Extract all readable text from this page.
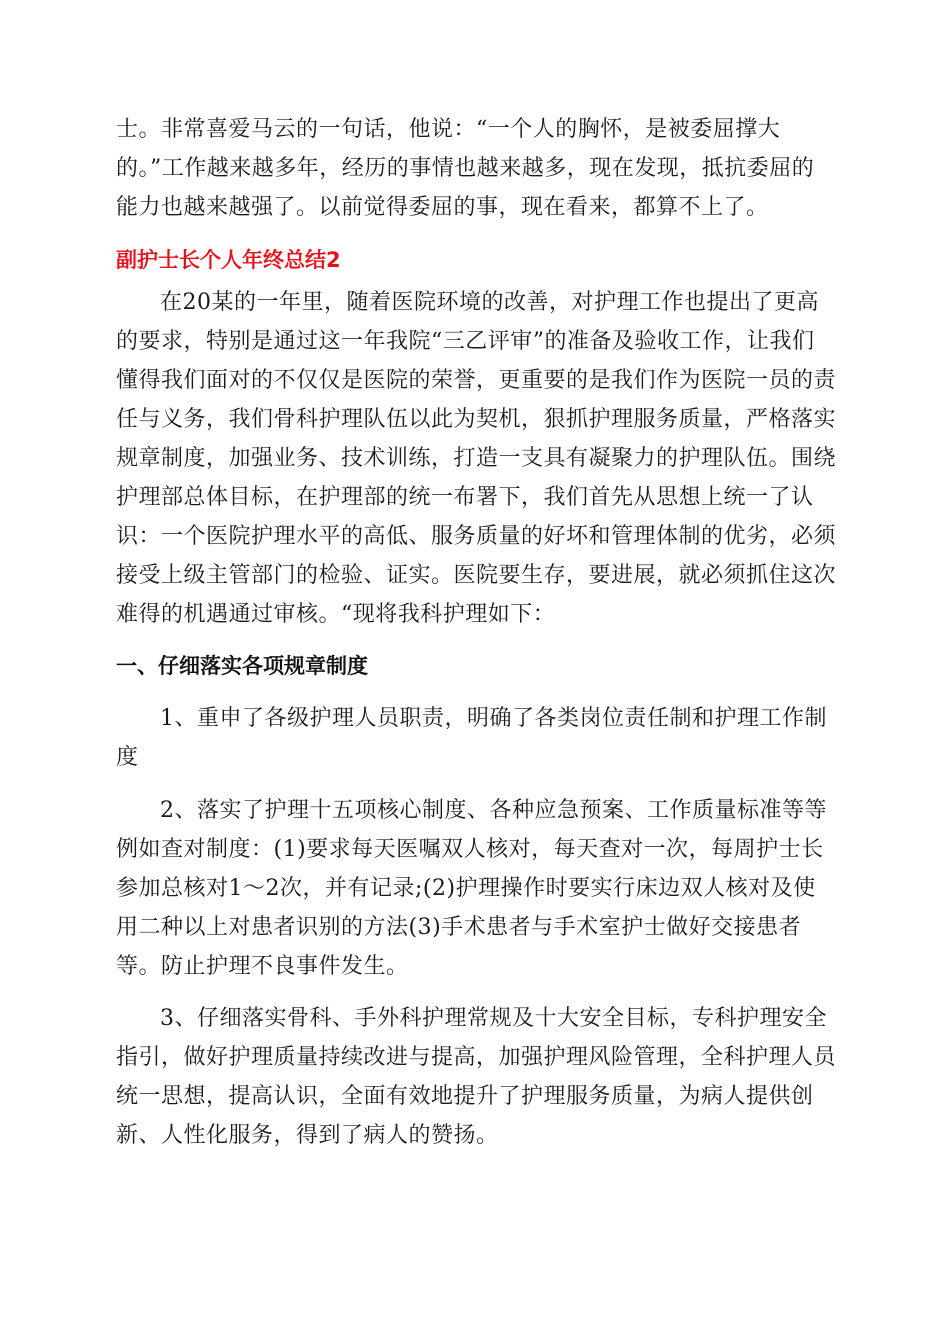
士。非常喜爱马云的一句话，他说：“一个人的胸怀，是被委屈撑大
的。”工作越来越多年，经历的事情也越来越多，现在发现，抵抗委屈的
能力也越来越强了。以前觉得委屈的事，现在看来，都算不上了。
副护士长个人年终总结2
在20某的一年里，随着医院环境的改善，对护理工作也提出了更高
的要求，特别是通过这一年我院“三乙评审”的准备及验收工作，让我们
懂得我们面对的不仅仅是医院的荣誉，更重要的是我们作为医院一员的责
任与义务，我们骨科护理队伍以此为契机，狠抓护理服务质量，严格落实
规章制度，加强业务、技术训练，打造一支具有凝聚力的护理队伍。围绕
护理部总体目标，在护理部的统一布署下，我们首先从思想上统一了认
识：一个医院护理水平的高低、服务质量的好坏和管理体制的优劣，必须
接受上级主管部门的检验、证实。医院要生存，要进展，就必须抓住这次
难得的机遇通过审核。“现将我科护理如下：
一、仔细落实各项规章制度
1、重申了各级护理人员职责，明确了各类岗位责任制和护理工作制
度
2、落实了护理十五项核心制度、各种应急预案、工作质量标准等等
例如查对制度：(1)要求每天医嘱双人核对，每天查对一次，每周护士长
参加总核对1～2次，并有记录;(2)护理操作时要实行床边双人核对及使
用二种以上对患者识别的方法(3)手术患者与手术室护士做好交接患者
等。防止护理不良事件发生。
3、仔细落实骨科、手外科护理常规及十大安全目标，专科护理安全
指引，做好护理质量持续改进与提高，加强护理风险管理，全科护理人员
统一思想，提高认识，全面有效地提升了护理服务质量，为病人提供创
新、人性化服务，得到了病人的赞扬。
